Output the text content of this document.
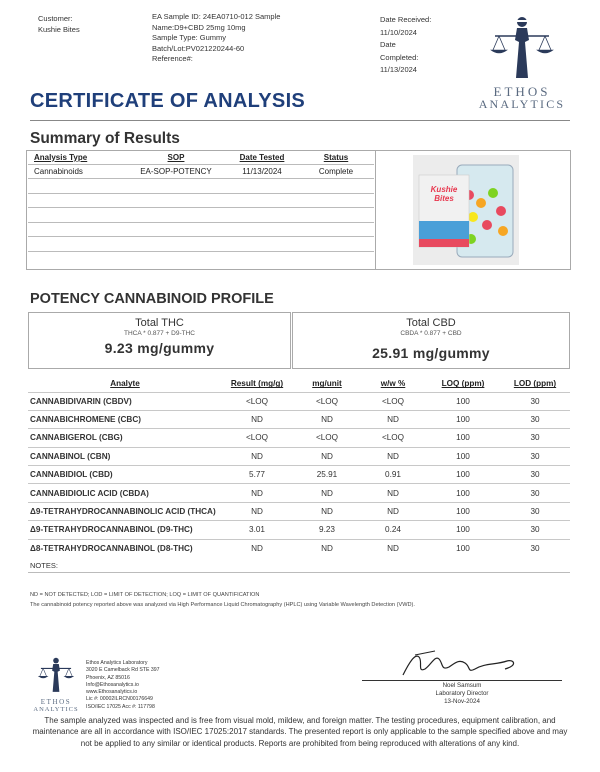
Customer:
Kushie Bites
EA Sample ID: 24EA0710-012 Sample
Name:D9+CBD 25mg 10mg
Sample Type: Gummy
Batch/Lot:PV021220244-60
Reference#:
Date Received:
11/10/2024
Date
Completed:
11/13/2024
ETHOS
ANALYTICS
CERTIFICATE OF ANALYSIS
Summary of Results
Analysis Type	SOP	Date Tested	Status
Cannabinoids	EA-SOP-POTENCY	11/13/2024	Complete

Kushie Bites
POTENCY CANNABINOID PROFILE
Total THC
THCA * 0.877 + D9-THC
9.23 mg/gummy
Total CBD
CBDA * 0.877 + CBD
25.91 mg/gummy
Analyte	Result (mg/g)	mg/unit	w/w %	LOQ (ppm)	LOD (ppm)
CANNABIDIVARIN (CBDV)	<LOQ	<LOQ	<LOQ	100	30
CANNABICHROMENE (CBC)	ND	ND	ND	100	30
CANNABIGEROL (CBG)	<LOQ	<LOQ	<LOQ	100	30
CANNABINOL (CBN)	ND	ND	ND	100	30
CANNABIDIOL (CBD)	5.77	25.91	0.91	100	30
CANNABIDIOLIC ACID (CBDA)	ND	ND	ND	100	30
Δ9-TETRAHYDROCANNABINOLIC ACID (THCA)	ND	ND	ND	100	30
Δ9-TETRAHYDROCANNABINOL (D9-THC)	3.01	9.23	0.24	100	30
Δ8-TETRAHYDROCANNABINOL (D8-THC)	ND	ND	ND	100	30
NOTES:
ND = NOT DETECTED; LOD = LIMIT OF DETECTION; LOQ = LIMIT OF QUANTIFICATION
The cannabinoid potency reported above was analyzed via High Performance Liquid Chromatography (HPLC) using Variable Wavelength Detection (VWD).
ETHOS
ANALYTICS
Ethos Analytics Laboratory
3020 E Camelback Rd STE 397
Phoenix, AZ 85016
Info@Ethosanalytics.io
www.Ethosanalytics.io
Lic #: 00002ILRCN00176649
ISO/IEC 17025 Acc #: 117798
Noel Samsum
Laboratory Director
13-Nov-2024
The sample analyzed was inspected and is free from visual mold, mildew, and foreign matter. The testing procedures, equipment calibration, and maintenance are all in accordance with ISO/IEC 17025:2017 standards. The presented report is only applicable to the sample specified above and may not be applied to any similar or identical products. Reports are prohibited from being reproduced with alterations of any kind.
